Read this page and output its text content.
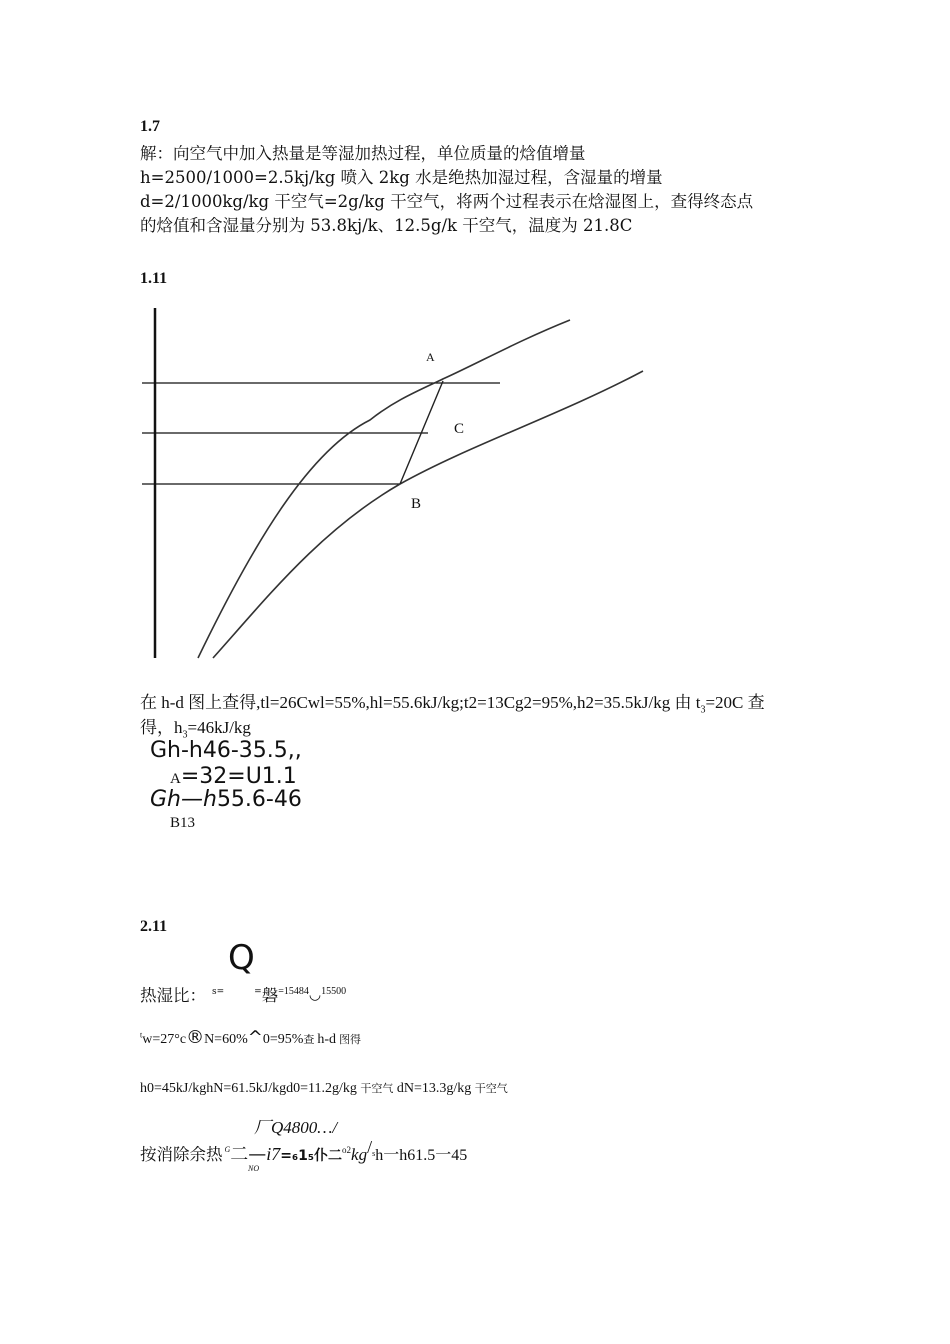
1.7
解：向空气中加入热量是等湿加热过程，单位质量的焓值增量
h=2500/1000=2.5kj/kg 喷入 2kg 水是绝热加湿过程，含湿量的增量
d=2/1000kg/kg 干空气=2g/kg 干空气，将两个过程表示在焓湿图上，查得终态点
的焓值和含湿量分别为 53.8kj/k、12.5g/k 干空气，温度为 21.8C
1.11
A
C
B
在 h-d 图上查得,tl=26Cwl=55%,hl=55.6kJ/kg;t2=13Cg2=95%,h2=35.5kJ/kg 由 $t_3=20C$ 查
得，$h_3=46kJ/kg$
Gh-h46-35.5,,
A=32=U1.1
Gh—h55.6-46
B13
2.11
Q
热湿比： $^{s=}$	=磐$^{=15484}$◡$^{15500}$
$^t$w=27°c®N=60%^0=95%查 h-d 图得
h0=45kJ/kghN=61.5kJ/kgd0=11.2g/kg 干空气 dN=13.3g/kg 干空气
厂Q4800…/
按消除余热 $^G$二—i7=₆1₅仆二$^{o2}$kg/$^s$h一h61.5一45
NO
